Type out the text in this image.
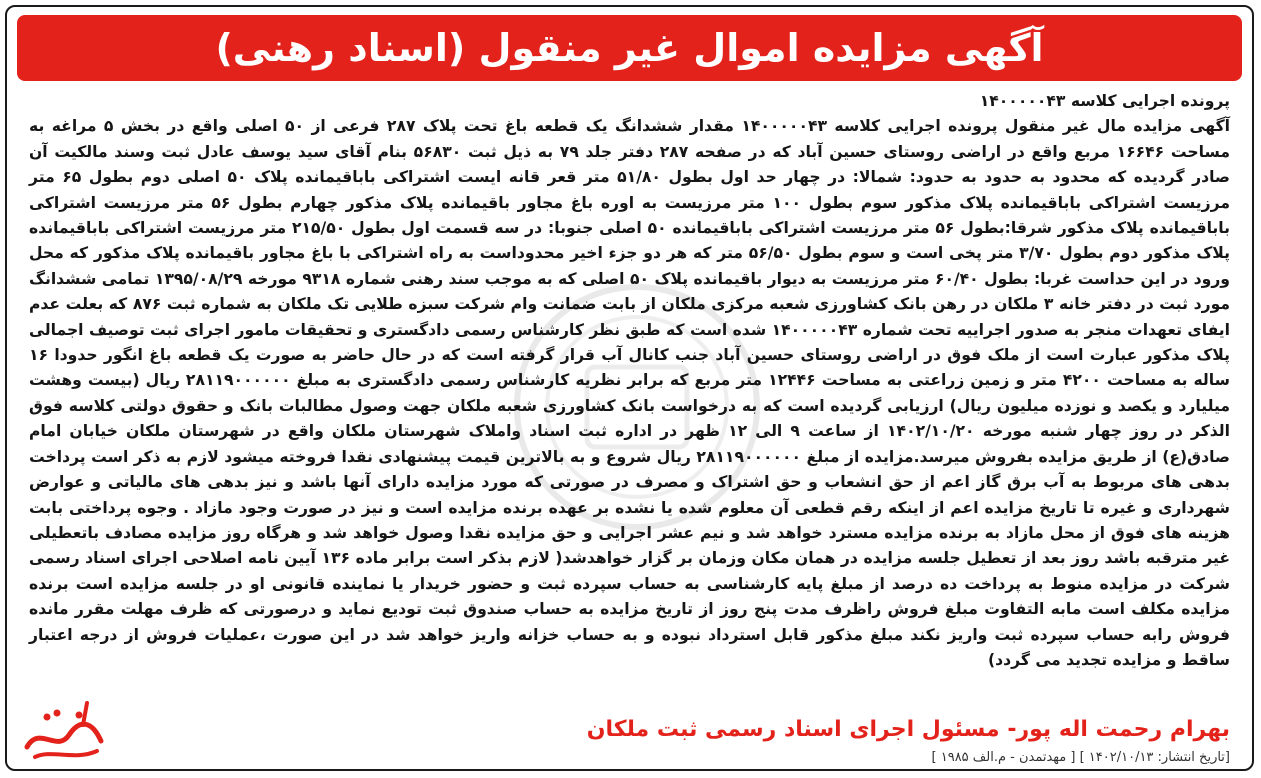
آگهی مزایده اموال غیر منقول (اسناد رهنی)
پرونده اجرایی کلاسه ۱۴۰۰۰۰۰۴۳
آگهی مزایده مال غیر منقول پرونده اجرایی کلاسه ۱۴۰۰۰۰۰۴۳ مقدار ششدانگ یک قطعه باغ تحت پلاک ۲۸۷ فرعی از ۵۰ اصلی واقع در بخش ۵ مراغه به مساحت ۱۶۶۴۶ مربع واقع در اراضی روستای حسین آباد که در صفحه ۲۸۷ دفتر جلد ۷۹ به ذیل ثبت ۵۶۸۳۰ بنام آقای سید یوسف عادل ثبت وسند مالکیت آن صادر گردیده که محدود به حدود به حدود: شمالا: در چهار حد اول بطول ۵۱/۸۰ متر قعر قانه ایست اشتراکی باباقیمانده پلاک ۵۰ اصلی دوم بطول ۶۵ متر مرزیست اشتراکی باباقیمانده پلاک مذکور سوم بطول ۱۰۰ متر مرزیست به اوره باغ مجاور باقیمانده پلاک مذکور چهارم بطول ۵۶ متر مرزیست اشتراکی باباقیمانده پلاک مذکور شرقا:بطول ۵۶ متر مرزیست اشتراکی باباقیمانده ۵۰ اصلی جنوبا: در سه قسمت اول بطول ۲۱۵/۵۰ متر مرزیست اشتراکی باباقیمانده پلاک مذکور دوم بطول ۳/۷۰ متر پخی است و سوم بطول ۵۶/۵۰ متر که هر دو جزء اخیر محدوداست به راه اشتراکی با باغ مجاور باقیمانده پلاک مذکور که محل ورود در این حداست غربا: بطول ۶۰/۴۰ متر مرزیست به دیوار باقیمانده پلاک ۵۰ اصلی که به موجب سند رهنی شماره ۹۳۱۸ مورخه ۱۳۹۵/۰۸/۲۹ تمامی ششدانگ مورد ثبت در دفتر خانه ۳ ملکان در رهن بانک کشاورزی شعبه مرکزی ملکان از بابت ضمانت وام شرکت سبزه طلایی تک ملکان به شماره ثبت ۸۷۶ که بعلت عدم ایفای تعهدات منجر به صدور اجراییه تحت شماره ۱۴۰۰۰۰۰۴۳ شده است که طبق نظر کارشناس رسمی دادگستری و تحقیقات مامور اجرای ثبت توصیف اجمالی پلاک مذکور عبارت است از ملک فوق در اراضی روستای حسین آباد جنب کانال آب قرار گرفته است که در حال حاضر به صورت یک قطعه باغ انگور حدودا ۱۶ ساله به مساحت ۴۲۰۰ متر و زمین زراعتی به مساحت ۱۲۴۴۶ متر مربع که برابر نظریه کارشناس رسمی دادگستری به مبلغ ۲۸۱۱۹۰۰۰۰۰۰ ریال (بیست وهشت میلیارد و یکصد و نوزده میلیون ریال) ارزیابی گردیده است که به درخواست بانک کشاورزی شعبه ملکان جهت وصول مطالبات بانک و حقوق دولتی کلاسه فوق الذکر در روز چهار شنبه مورخه ۱۴۰۲/۱۰/۲۰ از ساعت ۹ الی ۱۲ ظهر در اداره ثبت اسناد واملاک شهرستان ملکان واقع در شهرستان ملکان خیابان امام صادق(ع) از طریق مزایده بفروش میرسد.مزایده از مبلغ ۲۸۱۱۹۰۰۰۰۰۰ ریال شروع و به بالاترین قیمت پیشنهادی نقدا فروخته میشود لازم به ذکر است پرداخت بدهی های مربوط به آب برق گاز اعم از حق انشعاب و حق اشتراک و مصرف در صورتی که مورد مزایده دارای آنها باشد و نیز بدهی های مالیاتی و عوارض شهرداری و غیره تا تاریخ مزایده اعم از اینکه رقم قطعی آن معلوم شده یا نشده بر عهده برنده مزایده است و نیز در صورت وجود مازاد . وجوه پرداختی بابت هزینه های فوق از محل مازاد به برنده مزایده مسترد خواهد شد و نیم عشر اجرایی و حق مزایده نقدا وصول خواهد شد و هرگاه روز مزایده مصادف باتعطیلی غیر مترقبه باشد روز بعد از تعطیل جلسه مزایده در همان مکان وزمان بر گزار خواهدشد( لازم بذکر است برابر ماده ۱۳۶ آیین نامه اصلاحی اجرای اسناد رسمی شرکت در مزایده منوط به پرداخت ده درصد از مبلغ پایه کارشناسی به حساب سپرده ثبت و حضور خریدار یا نماینده قانونی او در جلسه مزایده است برنده مزایده مکلف است مابه التفاوت مبلغ فروش راظرف مدت پنج روز از تاریخ مزایده به حساب صندوق ثبت تودیع نماید و درصورتی که ظرف مهلت مقرر مانده فروش رابه حساب سپرده ثبت واریز نکند مبلغ مذکور قابل استرداد نبوده و به حساب خزانه واریز خواهد شد در این صورت ،عملیات فروش از درجه اعتبار ساقط و مزایده تجدید می گردد)
بهرام رحمت اله پور- مسئول اجرای اسناد رسمی ثبت ملکان
[تاریخ انتشار: ۱۴۰۲/۱۰/۱۳ ] [ مهدتمدن - م.الف ۱۹۸۵ ]
